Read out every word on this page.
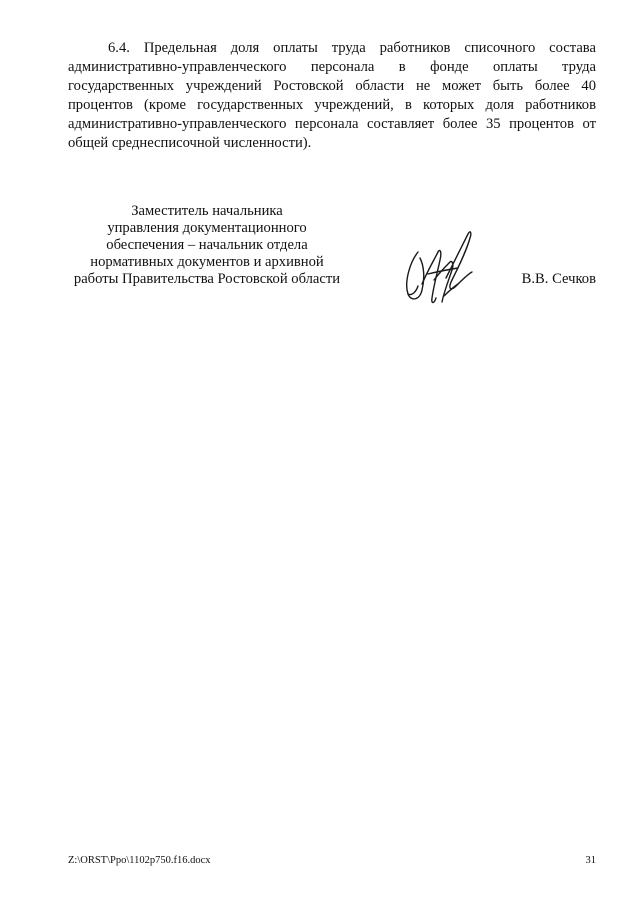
6.4. Предельная доля оплаты труда работников списочного состава административно-управленческого персонала в фонде оплаты труда государственных учреждений Ростовской области не может быть более 40 процентов (кроме государственных учреждений, в которых доля работников административно-управленческого персонала составляет более 35 процентов от общей среднесписочной численности).

Заместитель начальника
управления документационного
обеспечения – начальник отдела
нормативных документов и архивной
работы Правительства Ростовской области	В.В. Сечков
Z:\ORST\Ppo\1102p750.f16.docx	31
